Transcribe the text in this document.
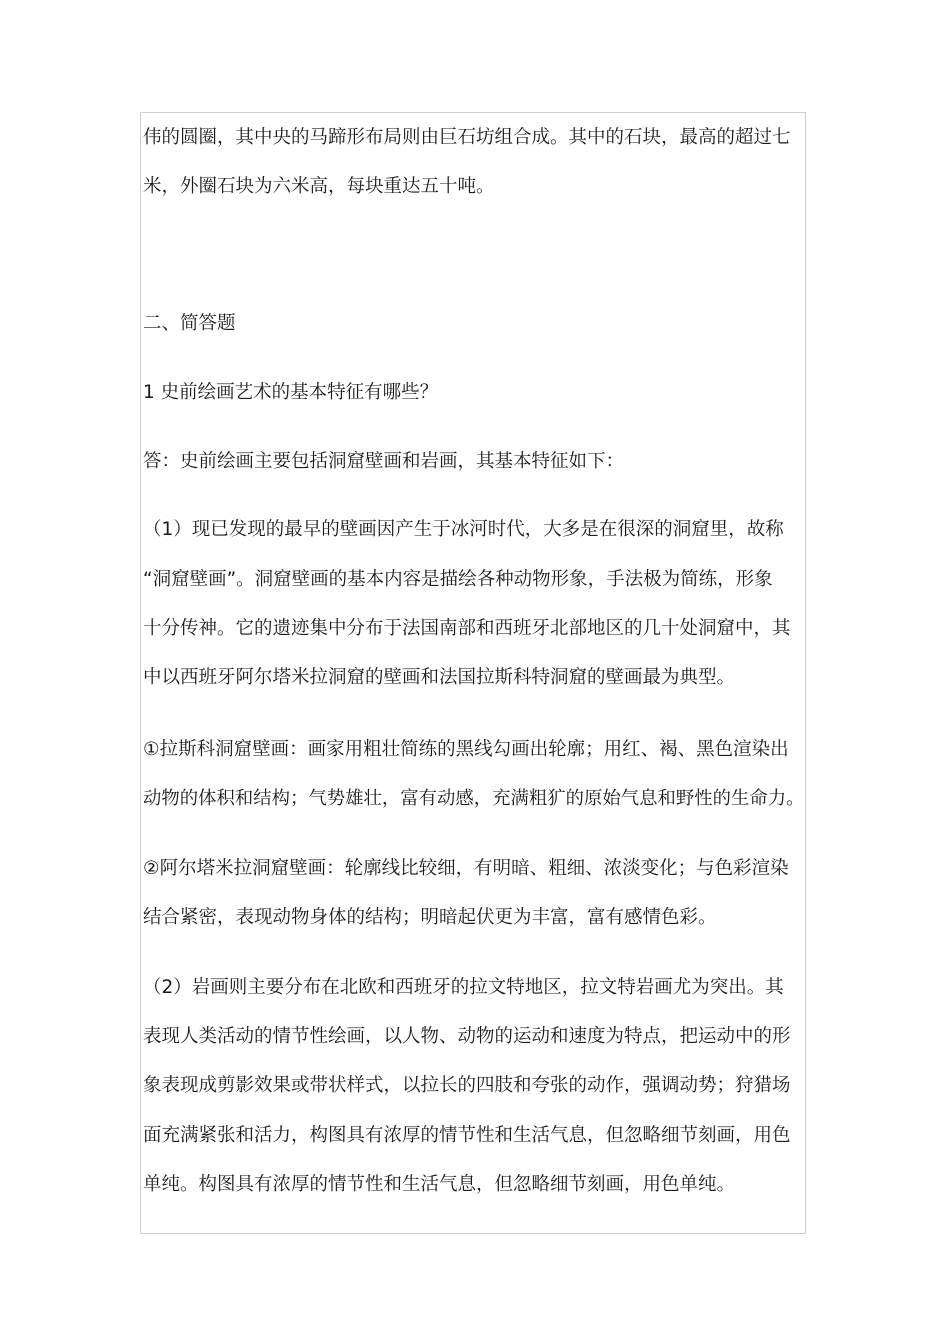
伟的圆圈，其中央的马蹄形布局则由巨石坊组合成。其中的石块，最高的超过七
米，外圈石块为六米高，每块重达五十吨。
二、简答题
1 史前绘画艺术的基本特征有哪些？
答：史前绘画主要包括洞窟壁画和岩画，其基本特征如下：
（1）现已发现的最早的壁画因产生于冰河时代，大多是在很深的洞窟里，故称
“洞窟壁画”。洞窟壁画的基本内容是描绘各种动物形象，手法极为简练，形象
十分传神。它的遗迹集中分布于法国南部和西班牙北部地区的几十处洞窟中，其
中以西班牙阿尔塔米拉洞窟的壁画和法国拉斯科特洞窟的壁画最为典型。
①拉斯科洞窟壁画：画家用粗壮简练的黑线勾画出轮廓；用红、褐、黑色渲染出
动物的体积和结构；气势雄壮，富有动感，充满粗犷的原始气息和野性的生命力。
②阿尔塔米拉洞窟壁画：轮廓线比较细，有明暗、粗细、浓淡变化；与色彩渲染
结合紧密，表现动物身体的结构；明暗起伏更为丰富，富有感情色彩。
（2）岩画则主要分布在北欧和西班牙的拉文特地区，拉文特岩画尤为突出。其
表现人类活动的情节性绘画，以人物、动物的运动和速度为特点，把运动中的形
象表现成剪影效果或带状样式，以拉长的四肢和夸张的动作，强调动势；狩猎场
面充满紧张和活力，构图具有浓厚的情节性和生活气息，但忽略细节刻画，用色
单纯。构图具有浓厚的情节性和生活气息，但忽略细节刻画，用色单纯。
